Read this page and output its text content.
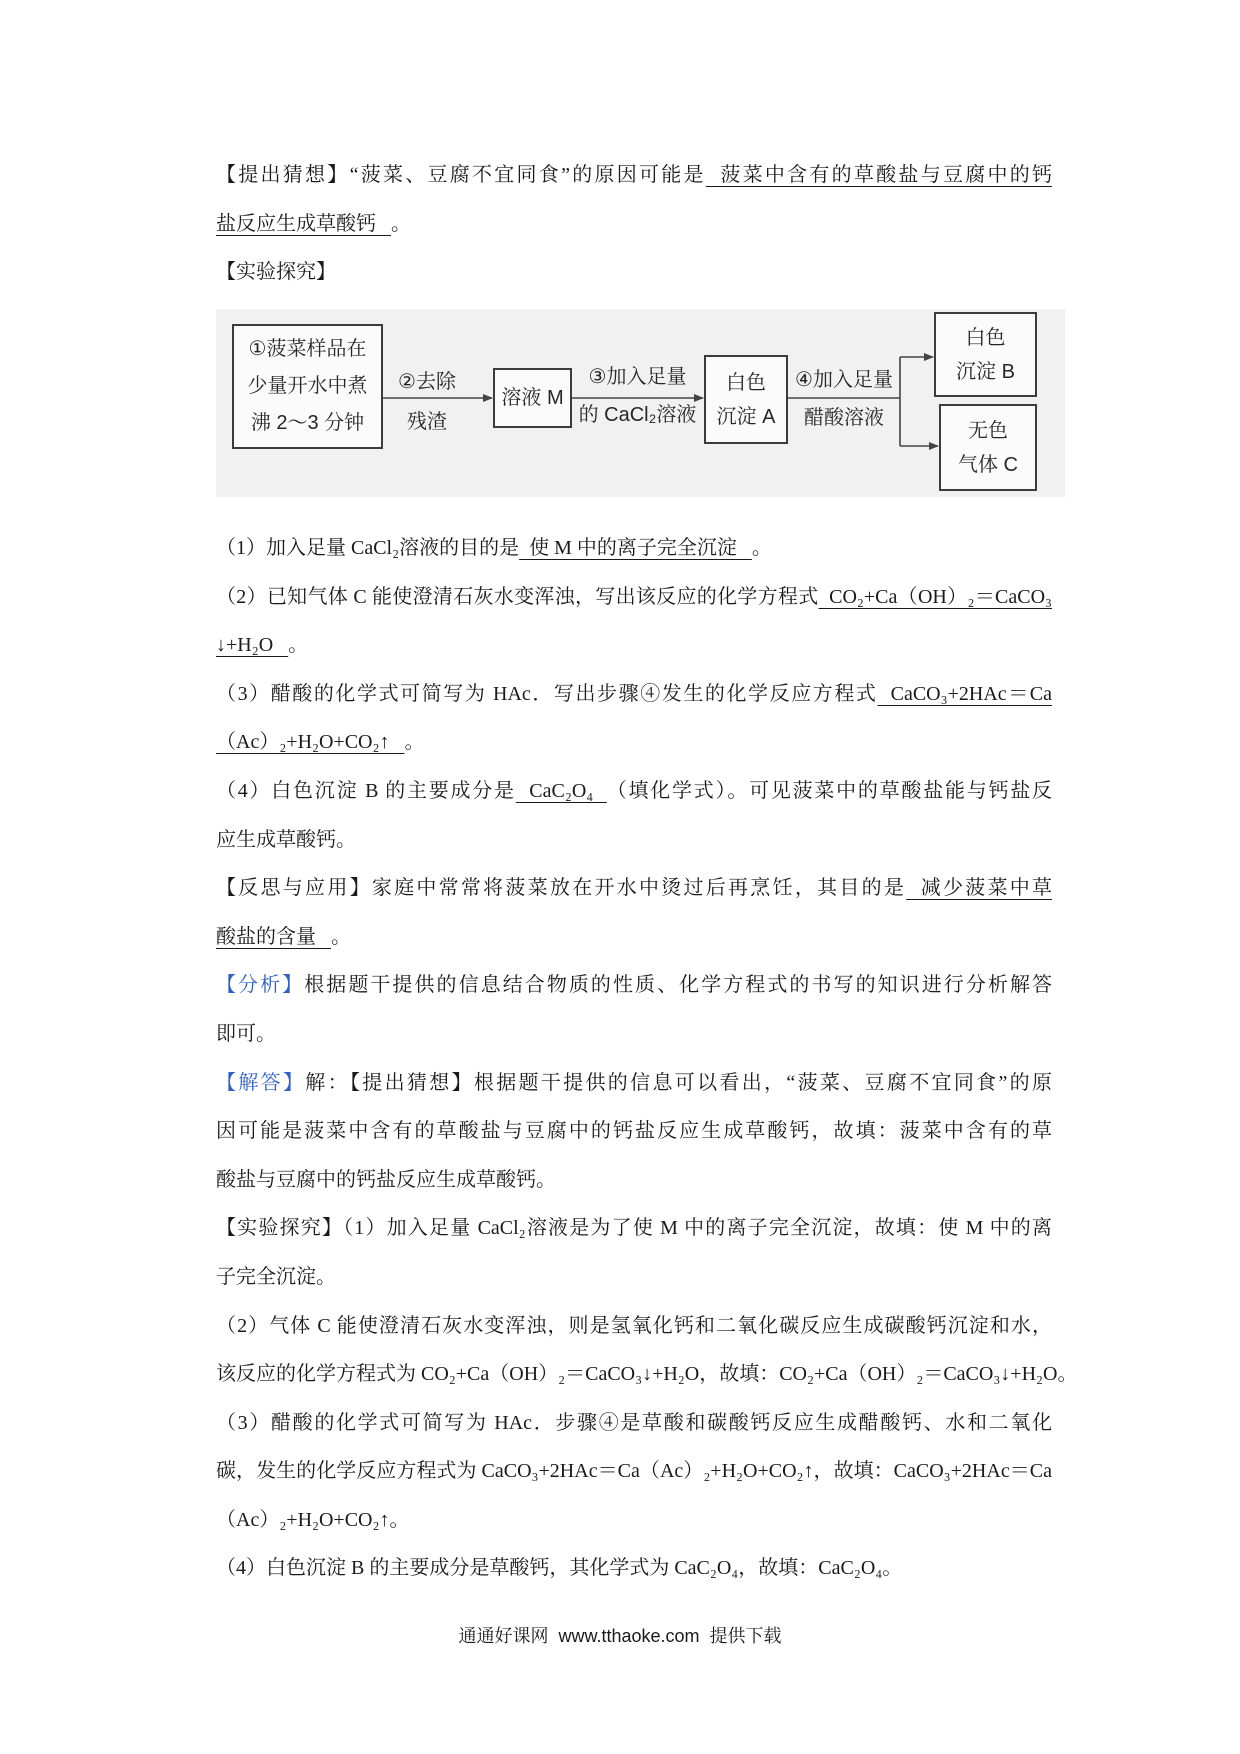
【提出猜想】“菠菜、豆腐不宜同食”的原因可能是  菠菜中含有的草酸盐与豆腐中的钙
盐反应生成草酸钙   。
【实验探究】
①菠菜样品在
少量开水中煮
沸 2～3 分钟
②去除
残渣
溶液 M
③加入足量
的 CaCl₂溶液
白色
沉淀 A
④加入足量
醋酸溶液
白色
沉淀 B
无色
气体 C
（1）加入足量 CaCl₂溶液的目的是  使 M 中的离子完全沉淀   。
（2）已知气体 C 能使澄清石灰水变浑浊，写出该反应的化学方程式  CO₂+Ca（OH）₂＝CaCO₃
↓+H₂O   。
（3）醋酸的化学式可简写为 HAc．写出步骤④发生的化学反应方程式  CaCO₃+2HAc＝Ca
（Ac）₂+H₂O+CO₂↑   。
（4）白色沉淀 B 的主要成分是  CaC₂O₄  （填化学式）。可见菠菜中的草酸盐能与钙盐反
应生成草酸钙。
【反思与应用】家庭中常常将菠菜放在开水中烫过后再烹饪，其目的是  减少菠菜中草
酸盐的含量   。
【分析】根据题干提供的信息结合物质的性质、化学方程式的书写的知识进行分析解答
即可。
【解答】解：【提出猜想】根据题干提供的信息可以看出，“菠菜、豆腐不宜同食”的原
因可能是菠菜中含有的草酸盐与豆腐中的钙盐反应生成草酸钙，故填：菠菜中含有的草
酸盐与豆腐中的钙盐反应生成草酸钙。
【实验探究】（1）加入足量 CaCl₂溶液是为了使 M 中的离子完全沉淀，故填：使 M 中的离
子完全沉淀。
（2）气体 C 能使澄清石灰水变浑浊，则是氢氧化钙和二氧化碳反应生成碳酸钙沉淀和水，
该反应的化学方程式为 CO₂+Ca（OH）₂＝CaCO₃↓+H₂O，故填：CO₂+Ca（OH）₂＝CaCO₃↓+H₂O。
（3）醋酸的化学式可简写为 HAc．步骤④是草酸和碳酸钙反应生成醋酸钙、水和二氧化
碳，发生的化学反应方程式为 CaCO₃+2HAc＝Ca（Ac）₂+H₂O+CO₂↑，故填：CaCO₃+2HAc＝Ca
（Ac）₂+H₂O+CO₂↑。
（4）白色沉淀 B 的主要成分是草酸钙，其化学式为 CaC₂O₄，故填：CaC₂O₄。
通通好课网 www.tthaoke.com 提供下载
